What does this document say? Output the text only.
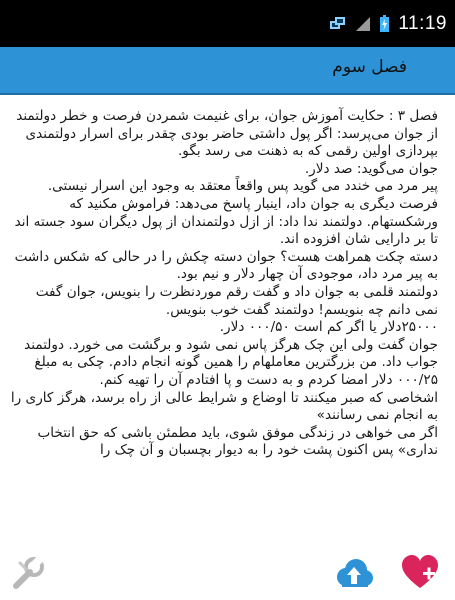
11:19
فصل سوم

فصل ۳ : حکایت آموزش جوان، برای غنیمت شمردن فرصت و خطر دولتمند از جوان می‌پرسد: اگر پول داشتی حاضر بودی چقدر برای اسرار دولتمندی بپردازی اولین رقمی که به ذهنت می رسد بگو.

جوان می‌گوید: صد دلار.

پیر مرد می خندد می گوید پس واقعاً معتقد به وجود این اسرار نیستی. فرصت دیگری به جوان داد، اینبار پاسخ می‌دهد: فراموش مکنید که ورشکستهام. دولتمند ندا داد: از ازل دولتمندان از پول دیگران سود جسته اند تا بر دارایی شان افزوده اند.

دسته چکت همراهت هست؟ جوان دسته چکش را در حالی که شکس داشت به پیر مرد داد، موجودی آن چهار دلار و نیم بود.

دولتمند قلمی به جوان داد و گفت رقم موردنظرت را بنویس، جوان گفت نمی دانم چه بنویسم! دولتمند گفت خوب بنویس.

۲۵۰۰۰دلار یا اگر کم است ۰۰۰/۵۰ دلار.

جوان گفت ولی این چک هرگز پاس نمی شود و برگشت می خورد. دولتمند جواب داد. من بزرگترین معاملهام را همین گونه انجام دادم. چکی به مبلغ ۰۰۰/۲۵ دلار امضا کردم و به دست و پا افتادم آن را تهیه کنم.

اشخاصی که صبر میکنند تا اوضاع و شرایط عالی از راه برسد، هرگز کاری را به انجام نمی رسانند»

اگر می خواهی در زندگی موفق شوی، باید مطمئن باشی که حق انتخاب نداری» پس اکنون پشت خود را به دیوار بچسبان و آن چک را
